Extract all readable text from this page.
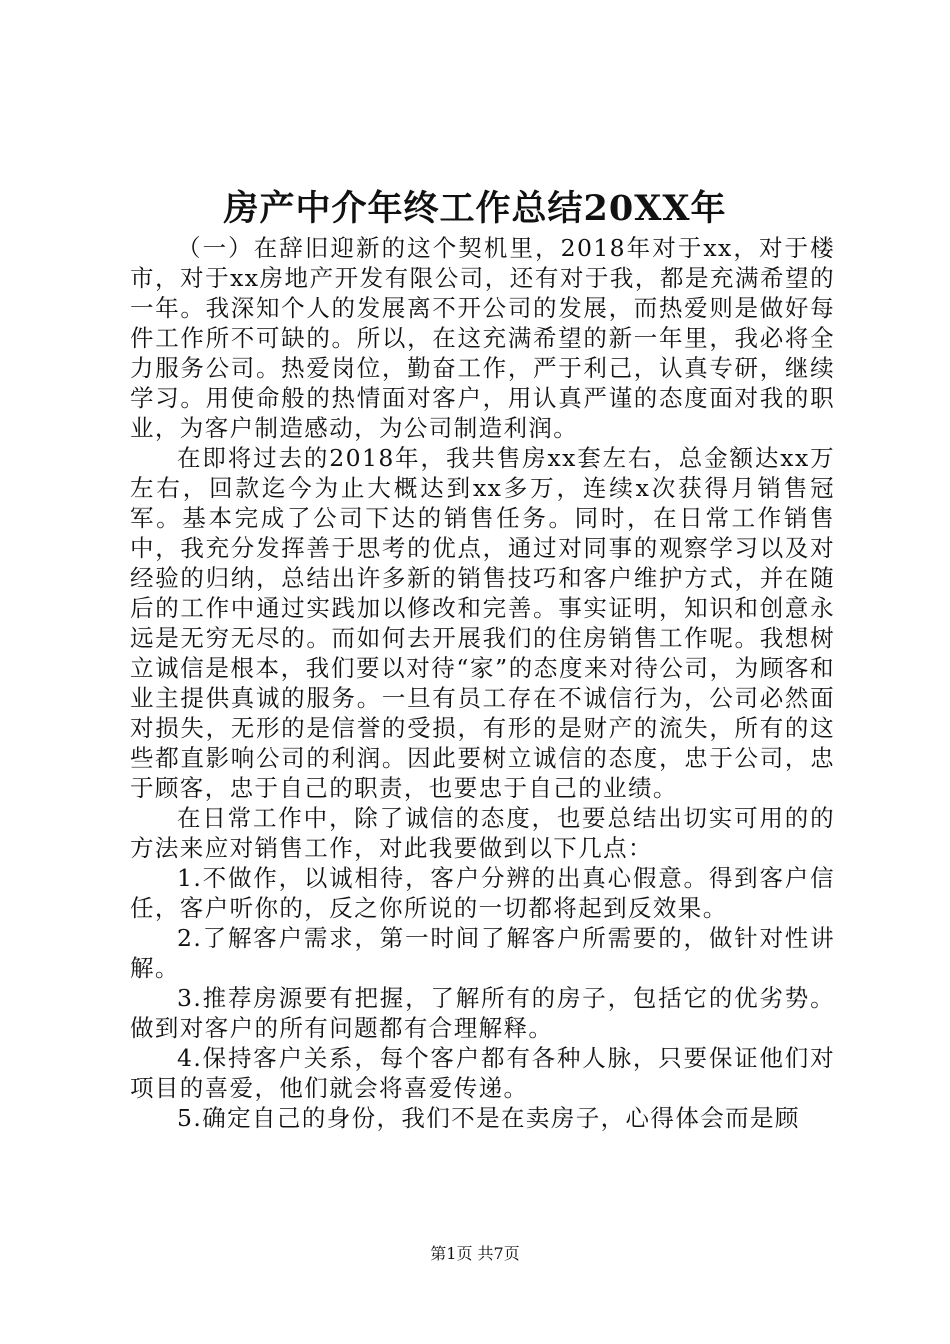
房产中介年终工作总结20XX年

（一）在辞旧迎新的这个契机里，2018年对于xx，对于楼市，对于xx房地产开发有限公司，还有对于我，都是充满希望的一年。我深知个人的发展离不开公司的发展，而热爱则是做好每件工作所不可缺的。所以，在这充满希望的新一年里，我必将全力服务公司。热爱岗位，勤奋工作，严于利己，认真专研，继续学习。用使命般的热情面对客户，用认真严谨的态度面对我的职业，为客户制造感动，为公司制造利润。

在即将过去的2018年，我共售房xx套左右，总金额达xx万左右，回款迄今为止大概达到xx多万，连续x次获得月销售冠军。基本完成了公司下达的销售任务。同时，在日常工作销售中，我充分发挥善于思考的优点，通过对同事的观察学习以及对经验的归纳，总结出许多新的销售技巧和客户维护方式，并在随后的工作中通过实践加以修改和完善。事实证明，知识和创意永远是无穷无尽的。而如何去开展我们的住房销售工作呢。我想树立诚信是根本，我们要以对待“家”的态度来对待公司，为顾客和业主提供真诚的服务。一旦有员工存在不诚信行为，公司必然面对损失，无形的是信誉的受损，有形的是财产的流失，所有的这些都直影响公司的利润。因此要树立诚信的态度，忠于公司，忠于顾客，忠于自己的职责，也要忠于自己的业绩。

在日常工作中，除了诚信的态度，也要总结出切实可用的的方法来应对销售工作，对此我要做到以下几点：

1.不做作，以诚相待，客户分辨的出真心假意。得到客户信任，客户听你的，反之你所说的一切都将起到反效果。

2.了解客户需求，第一时间了解客户所需要的，做针对性讲解。

3.推荐房源要有把握，了解所有的房子，包括它的优劣势。做到对客户的所有问题都有合理解释。

4.保持客户关系，每个客户都有各种人脉，只要保证他们对项目的喜爱，他们就会将喜爱传递。

5.确定自己的身份，我们不是在卖房子，心得体会而是顾

第1页 共7页
